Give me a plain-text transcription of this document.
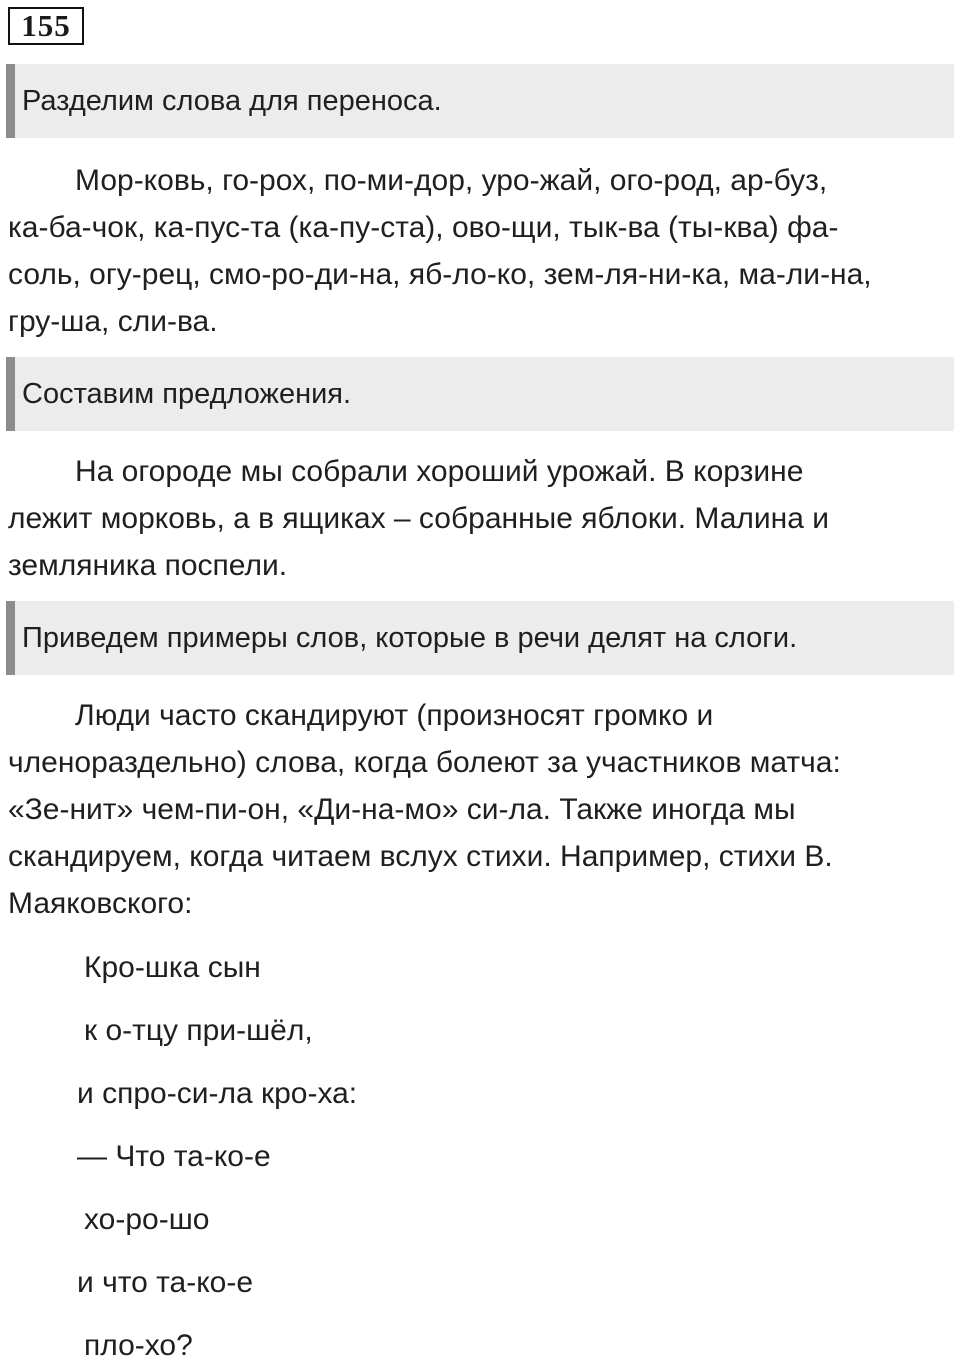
155
Разделим слова для переноса.
Мор-ковь, го-рох, по-ми-дор, уро-жай, ого-род, ар-буз,
ка-ба-чок, ка-пус-та (ка-пу-ста), ово-щи, тык-ва (ты-ква) фа-
соль, огу-рец, смо-ро-ди-на, яб-ло-ко, зем-ля-ни-ка, ма-ли-на,
гру-ша, сли-ва.
Составим предложения.
На огороде мы собрали хороший урожай. В корзине
лежит морковь, а в ящиках – собранные яблоки. Малина и
земляника поспели.
Приведем примеры слов, которые в речи делят на слоги.
Люди часто скандируют (произносят громко и
членораздельно) слова, когда болеют за участников матча:
«Зе-нит» чем-пи-он, «Ди-на-мо» си-ла. Также иногда мы
скандируем, когда читаем вслух стихи. Например, стихи В.
Маяковского:
Кро-шка сын
к о-тцу при-шёл,
и спро-си-ла кро-ха:
— Что та-ко-е
хо-ро-шо
и что та-ко-е
пло-хо?
